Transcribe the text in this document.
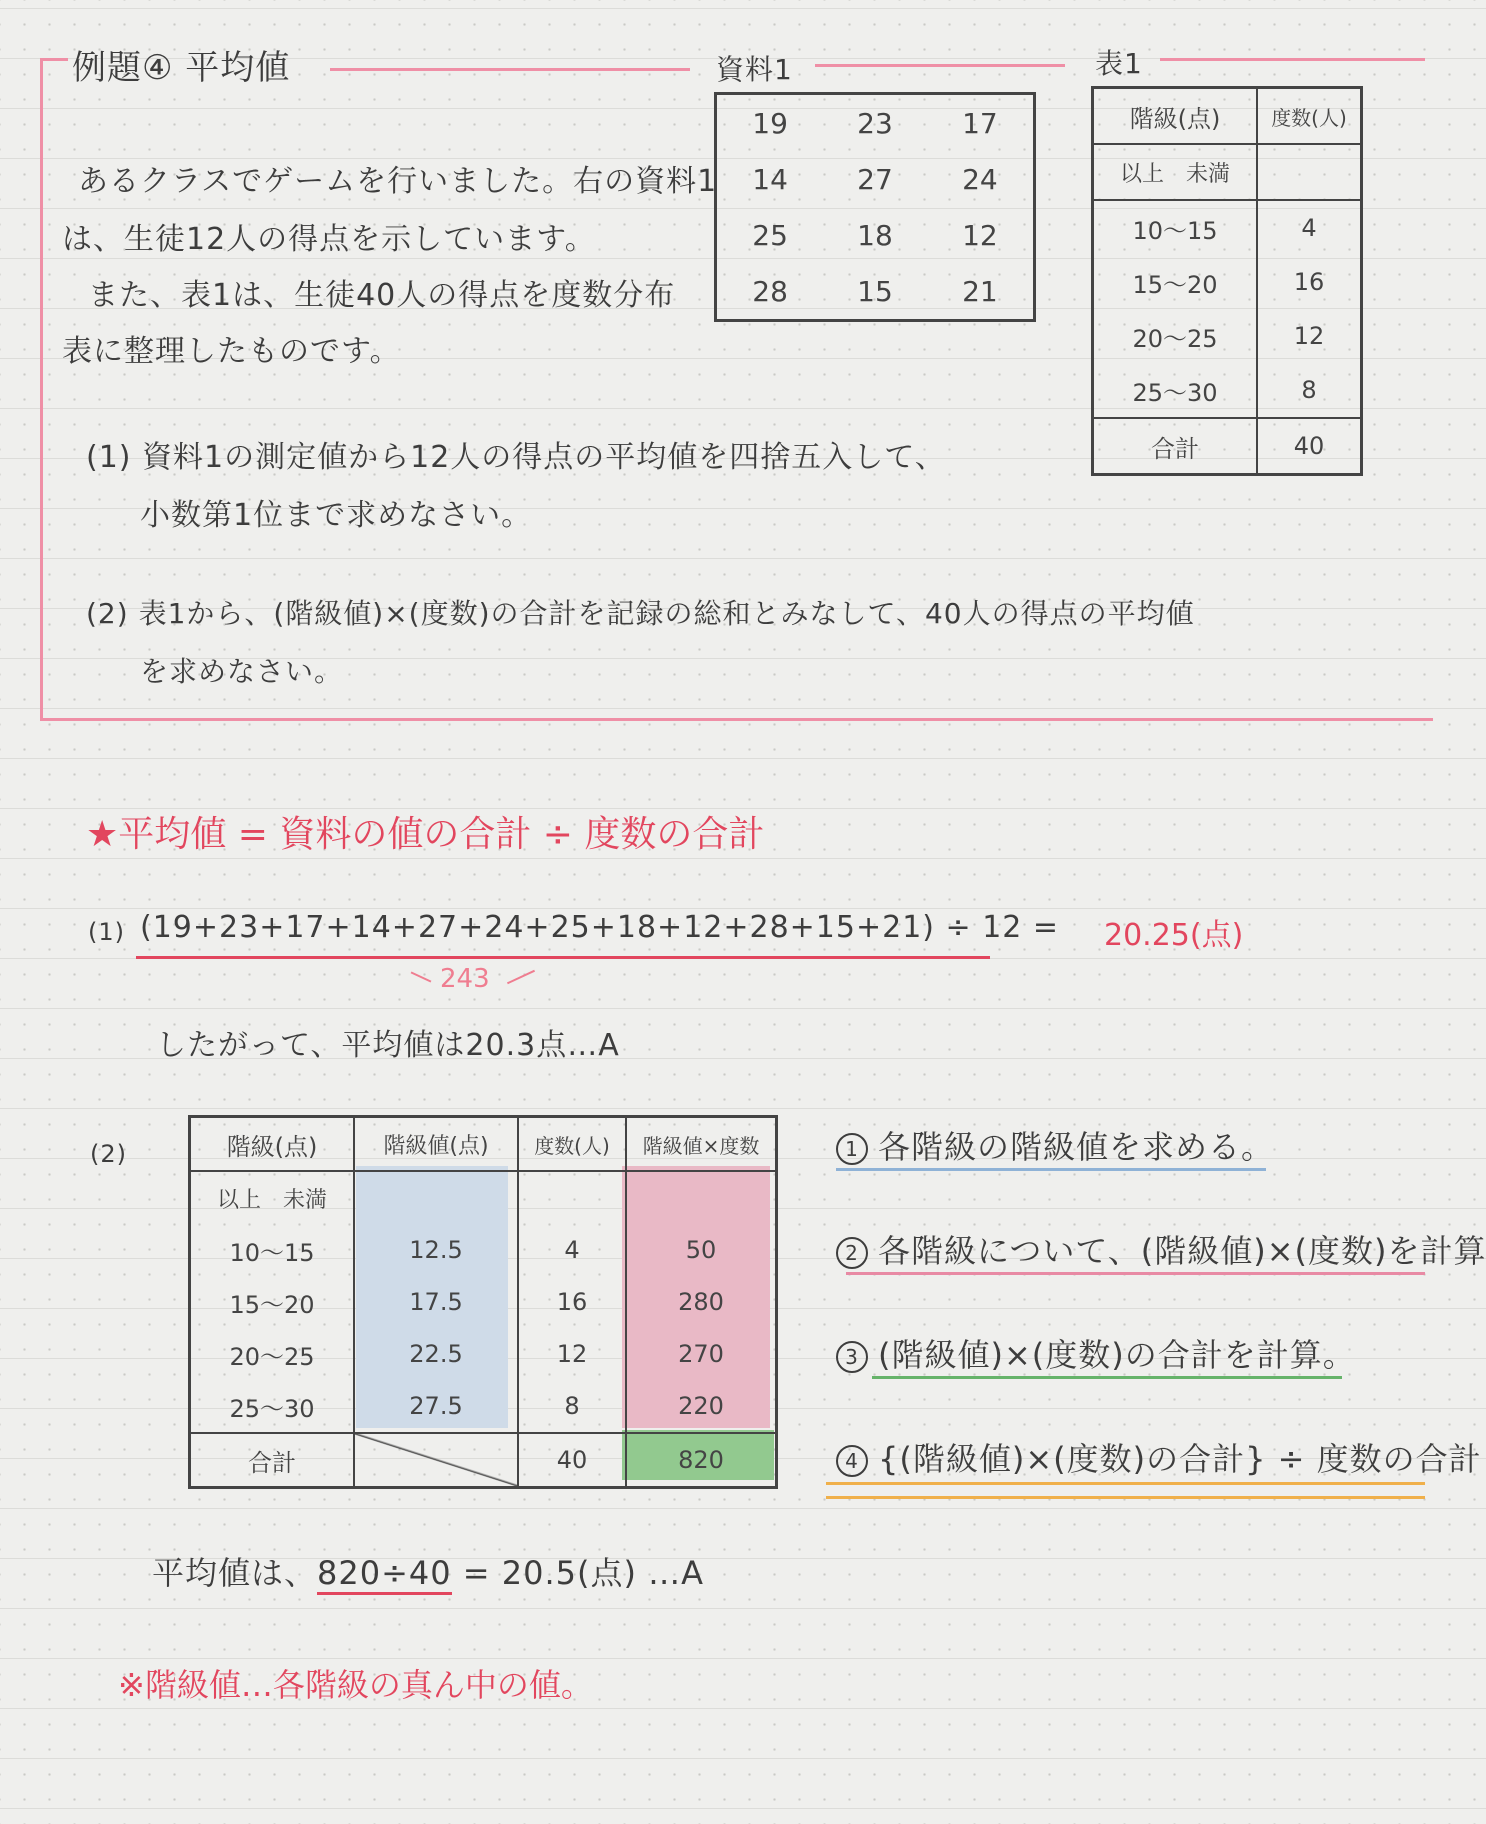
例題④ 平均値	資料1	表1
あるクラスでゲームを行いました。右の資料1
は、生徒12人の得点を示しています。
また、表1は、生徒40人の得点を度数分布
表に整理したものです。
(1) 資料1の測定値から12人の得点の平均値を四捨五入して、
小数第1位まで求めなさい。
(2) 表1から、(階級値)×(度数)の合計を記録の総和とみなして、40人の得点の平均値
を求めなさい。
19	23	17
14	27	24
25	18	12
28	15	21
階級(点)	度数(人)
以上　未満	
10～15	4
15～20	16
20～25	12
25～30	8
合計	40
★平均値 = 資料の値の合計 ÷ 度数の合計
(1) (19+23+17+14+27+24+25+18+12+28+15+21) ÷ 12 = 20.25(点)
243
したがって、平均値は20.3点…A
(2)	階級(点)	階級値(点)	度数(人)	階級値×度数
以上　未満			
10～15	12.5	4	50
15～20	17.5	16	280
20～25	22.5	12	270
25～30	27.5	8	220
合計		40	820
1 各階級の階級値を求める。
2 各階級について、(階級値)×(度数)を計算
3 (階級値)×(度数)の合計を計算。
4 {(階級値)×(度数)の合計} ÷ 度数の合計
平均値は、820÷40 = 20.5(点) …A
※階級値…各階級の真ん中の値。
